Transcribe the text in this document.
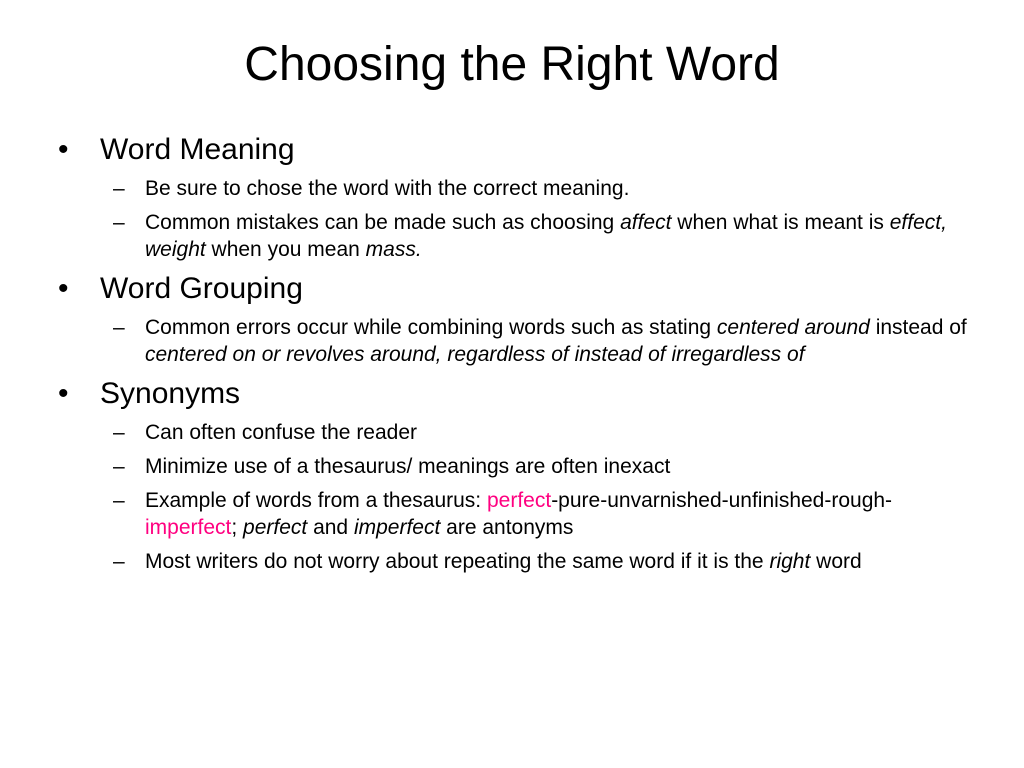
Choosing the Right Word
• Word Meaning
– Be sure to chose the word with the correct meaning.
– Common mistakes can be made such as choosing affect when what is meant is effect, weight when you mean mass.
• Word Grouping
– Common errors occur while combining words such as stating centered around instead of centered on or revolves around, regardless of instead of irregardless of
• Synonyms
– Can often confuse the reader
– Minimize use of a thesaurus/ meanings are often inexact
– Example of words from a thesaurus: perfect-pure-unvarnished-unfinished-rough-imperfect; perfect and imperfect are antonyms
– Most writers do not worry about repeating the same word if it is the right word
